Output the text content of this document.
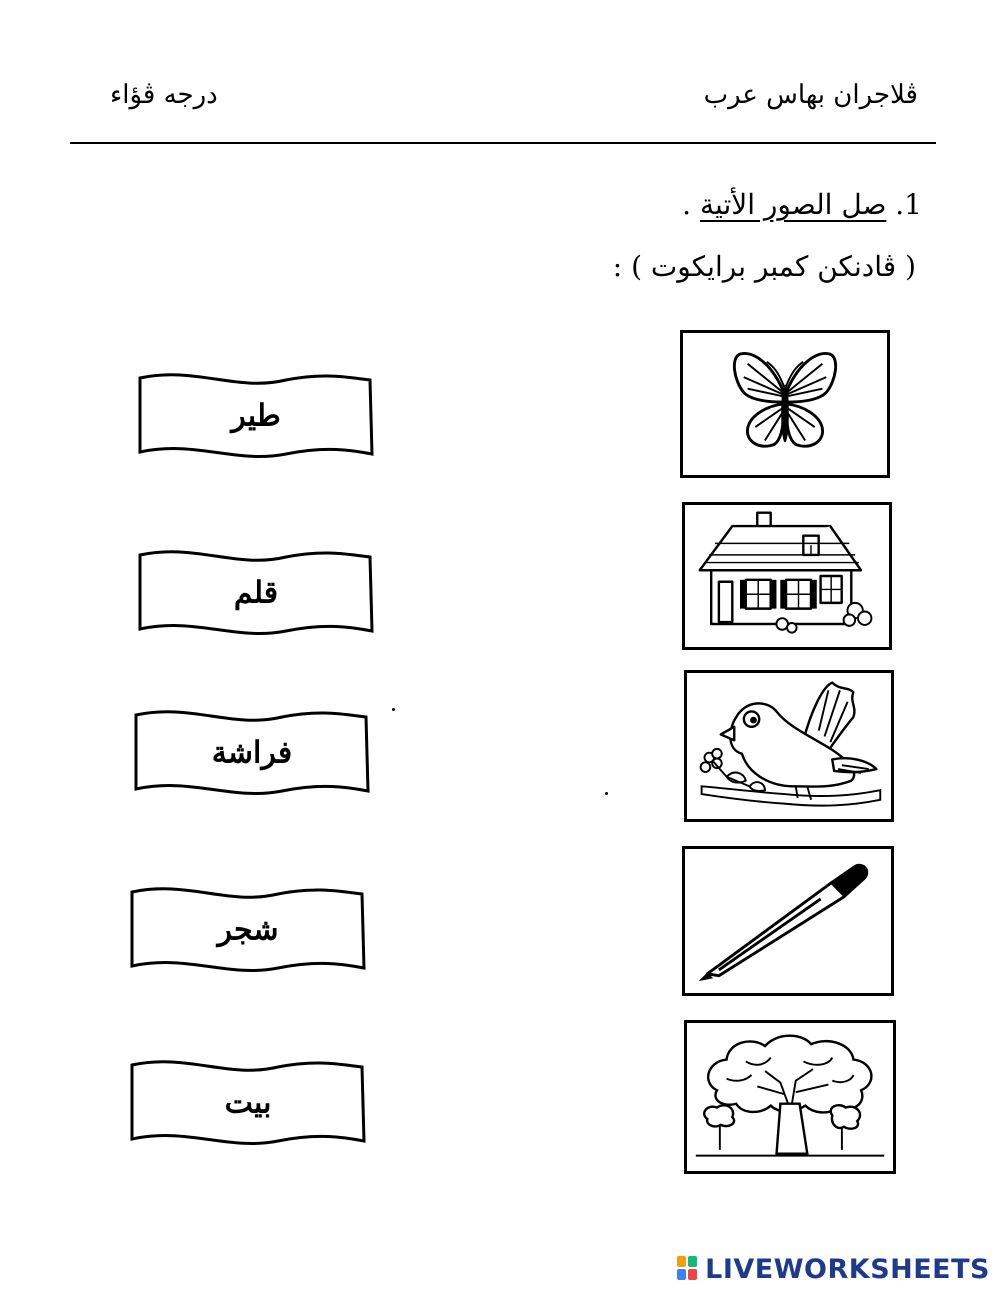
ڤلاجران بهاس عرب
درجه ڤؤاء
1. صل الصور الأتية .
( ڤادنكن كمبر برايكوت ) :
طير
قلم
فراشة
شجر
بيت
LIVEWORKSHEETS
